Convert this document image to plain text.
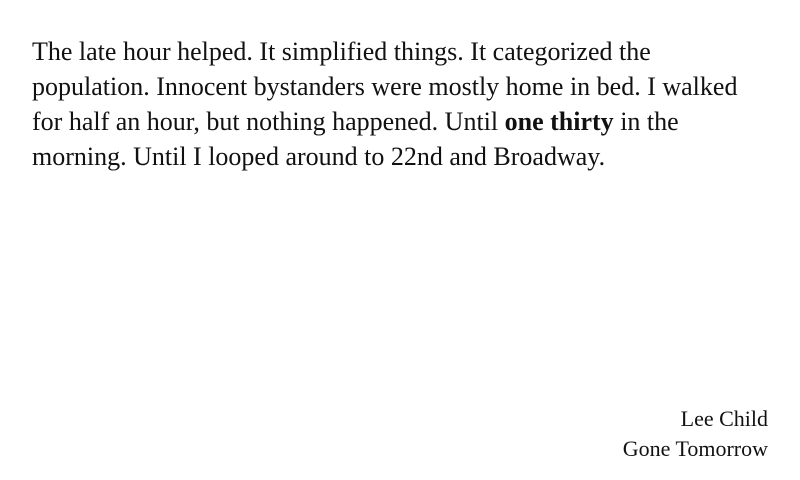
The late hour helped. It simplified things. It categorized the population. Innocent bystanders were mostly home in bed. I walked for half an hour, but nothing happened. Until one thirty in the morning. Until I looped around to 22nd and Broadway.

Lee Child
Gone Tomorrow
